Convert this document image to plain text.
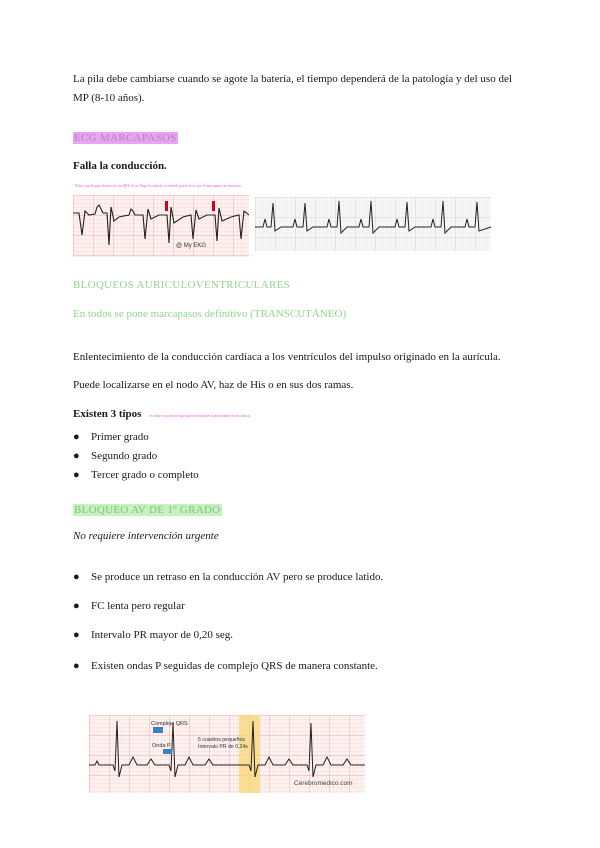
La pila debe cambiarse cuando se agote la batería, el tiempo dependerá de la patología y del uso del
MP (8-10 años).
ECG MARCAPASOS
Falla la conducción.
Pulsos que llegan al músculo sin QRS. Si no llega la onda de actividad, quiere decir que el marcapasos no funciona.
@ My EKG
BLOQUEOS AURICULOVENTRICULARES
En todos se pone marcapasos definitivo (TRANSCUTÁNEO)
Enlentecimiento de la conducción cardíaca a los ventrículos del impulso originado en la aurícula.
Puede localizarse en el nodo AV, haz de His o en sus dos ramas.
Existen 3 tipos en todos se pone un marcapasos definitivo (transcutáneo en la clínica)
● Primer grado
● Segundo grado
● Tercer grado o completo
BLOQUEO AV DE 1º GRADO
No requiere intervención urgente
● Se produce un retraso en la conducción AV pero se produce latido.
● FC lenta pero regular
● Intervalo PR mayor de 0,20 seg.
● Existen ondas P seguidas de complejo QRS de manera constante.
Complejo QRS
Onda P
5 cuadros pequeños
Intervalo PR de 0,24s
Cerebromedico.com
